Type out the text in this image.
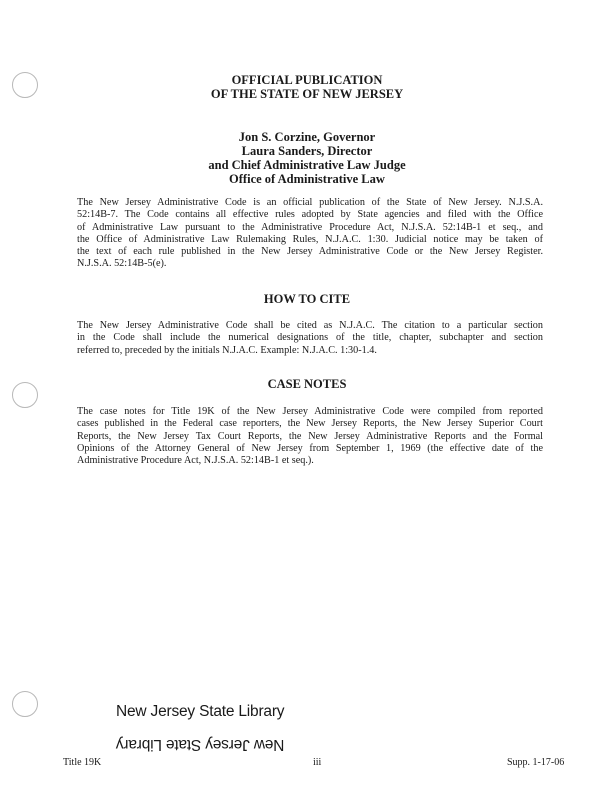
OFFICIAL PUBLICATION
OF THE STATE OF NEW JERSEY
Jon S. Corzine, Governor
Laura Sanders, Director
and Chief Administrative Law Judge
Office of Administrative Law

The New Jersey Administrative Code is an official publication of the State of New Jersey. N.J.S.A.
52:14B-7. The Code contains all effective rules adopted by State agencies and filed with the Office
of Administrative Law pursuant to the Administrative Procedure Act, N.J.S.A. 52:14B-1 et seq., and
the Office of Administrative Law Rulemaking Rules, N.J.A.C. 1:30. Judicial notice may be taken of
the text of each rule published in the New Jersey Administrative Code or the New Jersey Register.
N.J.S.A. 52:14B-5(e).

HOW TO CITE

The New Jersey Administrative Code shall be cited as N.J.A.C. The citation to a particular section
in the Code shall include the numerical designations of the title, chapter, subchapter and section
referred to, preceded by the initials N.J.A.C. Example: N.J.A.C. 1:30-1.4.

CASE NOTES

The case notes for Title 19K of the New Jersey Administrative Code were compiled from reported
cases published in the Federal case reporters, the New Jersey Reports, the New Jersey Superior Court
Reports, the New Jersey Tax Court Reports, the New Jersey Administrative Reports and the Formal
Opinions of the Attorney General of New Jersey from September 1, 1969 (the effective date of the
Administrative Procedure Act, N.J.S.A. 52:14B-1 et seq.).

New Jersey State Library
New Jersey State Library
Title 19K	iii	Supp. 1-17-06
